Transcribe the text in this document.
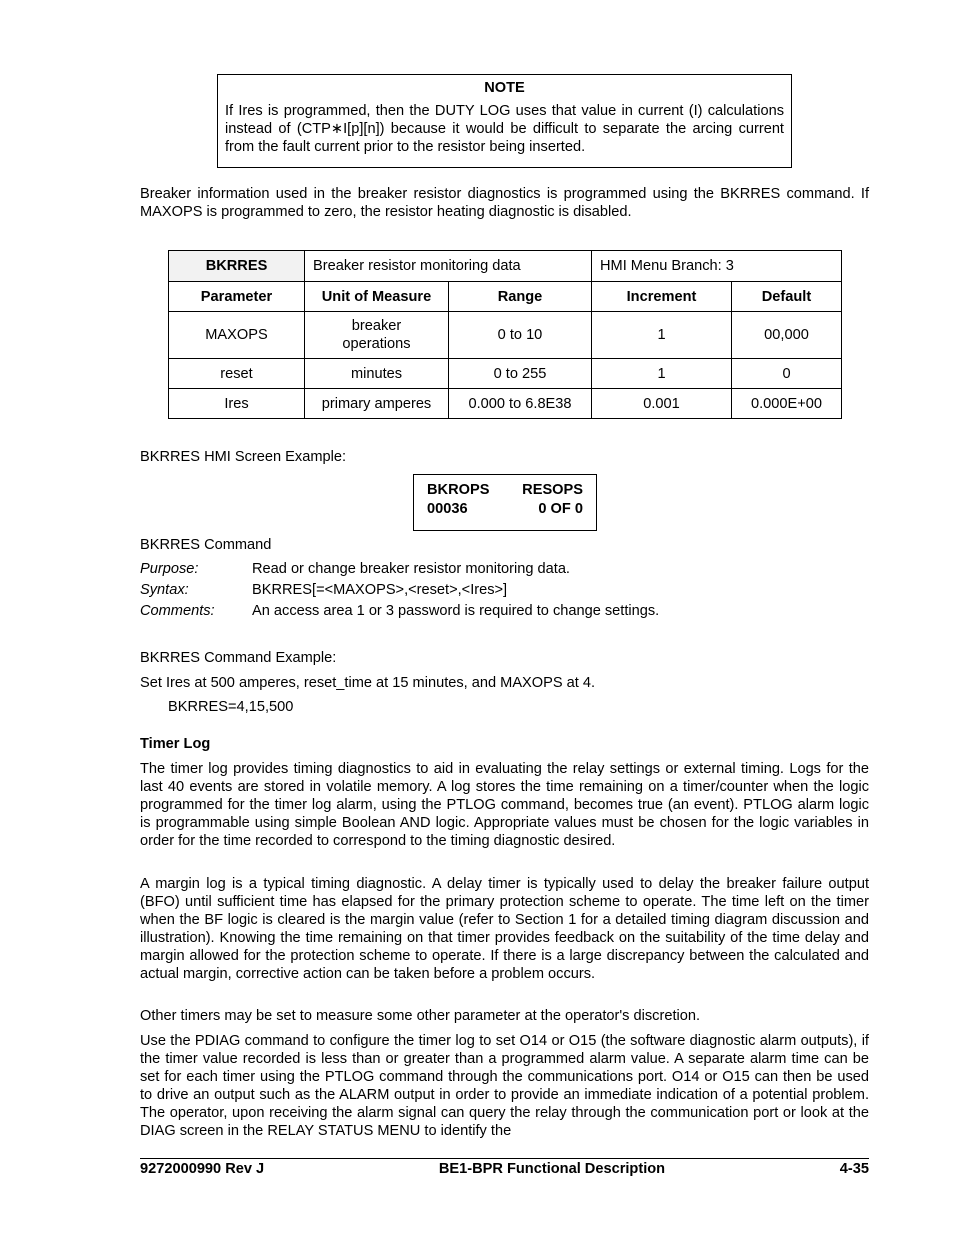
NOTE
If Ires is programmed, then the DUTY LOG uses that value in current (I) calculations instead of (CTP∗I[p][n]) because it would be difficult to separate the arcing current from the fault current prior to the resistor being inserted.
Breaker information used in the breaker resistor diagnostics is programmed using the BKRRES command. If MAXOPS is programmed to zero, the resistor heating diagnostic is disabled.
BKRRES	Breaker resistor monitoring data		HMI Menu Branch: 3	
Parameter	Unit of Measure	Range	Increment	Default
MAXOPS	breaker operations	0 to 10	1	00,000
reset	minutes	0 to 255	1	0
Ires	primary amperes	0.000 to 6.8E38	0.001	0.000E+00
BKRRES HMI Screen Example:
BKROPS RESOPS
00036	0 OF 0
BKRRES Command
Purpose:	Read or change breaker resistor monitoring data.
Syntax:	BKRRES[=<MAXOPS>,<reset>,<Ires>]
Comments:	An access area 1 or 3 password is required to change settings.
BKRRES Command Example:
Set Ires at 500 amperes, reset_time at 15 minutes, and MAXOPS at 4.
BKRRES=4,15,500
Timer Log
The timer log provides timing diagnostics to aid in evaluating the relay settings or external timing. Logs for the last 40 events are stored in volatile memory. A log stores the time remaining on a timer/counter when the logic programmed for the timer log alarm, using the PTLOG command, becomes true (an event). PTLOG alarm logic is programmable using simple Boolean AND logic. Appropriate values must be chosen for the logic variables in order for the time recorded to correspond to the timing diagnostic desired.
A margin log is a typical timing diagnostic. A delay timer is typically used to delay the breaker failure output (BFO) until sufficient time has elapsed for the primary protection scheme to operate. The time left on the timer when the BF logic is cleared is the margin value (refer to Section 1 for a detailed timing diagram discussion and illustration). Knowing the time remaining on that timer provides feedback on the suitability of the time delay and margin allowed for the protection scheme to operate. If there is a large discrepancy between the calculated and actual margin, corrective action can be taken before a problem occurs.
Other timers may be set to measure some other parameter at the operator's discretion.
Use the PDIAG command to configure the timer log to set O14 or O15 (the software diagnostic alarm outputs), if the timer value recorded is less than or greater than a programmed alarm value. A separate alarm time can be set for each timer using the PTLOG command through the communications port. O14 or O15 can then be used to drive an output such as the ALARM output in order to provide an immediate indication of a potential problem. The operator, upon receiving the alarm signal can query the relay through the communication port or look at the DIAG screen in the RELAY STATUS MENU to identify the
9272000990 Rev J	BE1-BPR Functional Description	4-35
